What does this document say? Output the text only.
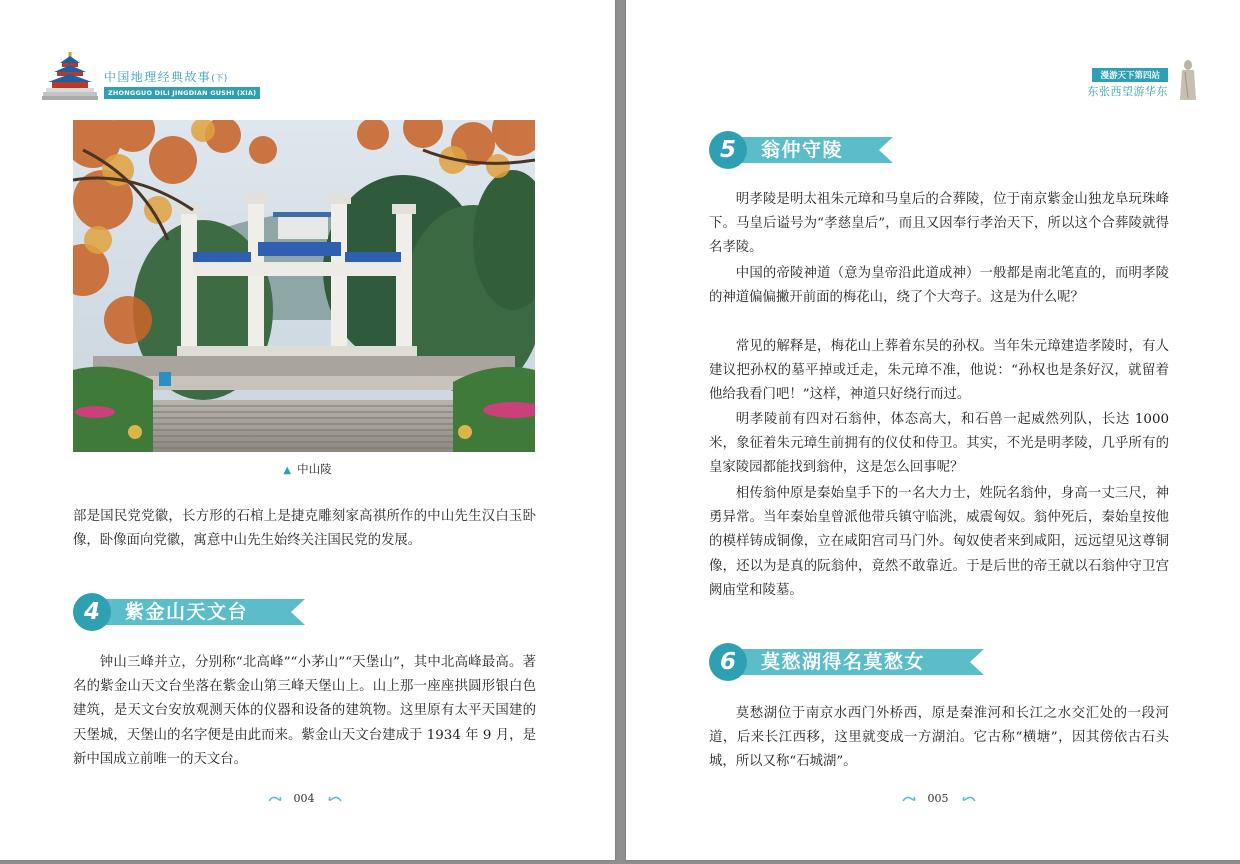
中国地理经典故事(下)
ZHONGGUO DILI JINGDIAN GUSHI (XIA)
▲ 中山陵

部是国民党党徽，长方形的石棺上是捷克雕刻家高祺所作的中山先生汉白玉卧像，卧像面向党徽，寓意中山先生始终关注国民党的发展。

4	紫金山天文台

钟山三峰并立，分别称“北高峰”“小茅山”“天堡山”，其中北高峰最高。著名的紫金山天文台坐落在紫金山第三峰天堡山上。山上那一座座拱圆形银白色建筑，是天文台安放观测天体的仪器和设备的建筑物。这里原有太平天国建的天堡城，天堡山的名字便是由此而来。紫金山天文台建成于 1934 年 9 月，是新中国成立前唯一的天文台。

004
漫游天下第四站
东张西望游华东
5	翁仲守陵

明孝陵是明太祖朱元璋和马皇后的合葬陵，位于南京紫金山独龙阜玩珠峰下。马皇后谥号为“孝慈皇后”，而且又因奉行孝治天下，所以这个合葬陵就得名孝陵。

中国的帝陵神道（意为皇帝沿此道成神）一般都是南北笔直的，而明孝陵的神道偏偏撇开前面的梅花山，绕了个大弯子。这是为什么呢？

常见的解释是，梅花山上葬着东吴的孙权。当年朱元璋建造孝陵时，有人建议把孙权的墓平掉或迁走，朱元璋不准，他说：“孙权也是条好汉，就留着他给我看门吧！”这样，神道只好绕行而过。

明孝陵前有四对石翁仲，体态高大，和石兽一起威然列队，长达 1000 米，象征着朱元璋生前拥有的仪仗和侍卫。其实，不光是明孝陵，几乎所有的皇家陵园都能找到翁仲，这是怎么回事呢？

相传翁仲原是秦始皇手下的一名大力士，姓阮名翁仲，身高一丈三尺，神勇异常。当年秦始皇曾派他带兵镇守临洮，威震匈奴。翁仲死后，秦始皇按他的模样铸成铜像，立在咸阳宫司马门外。匈奴使者来到咸阳，远远望见这尊铜像，还以为是真的阮翁仲，竟然不敢靠近。于是后世的帝王就以石翁仲守卫宫阙庙堂和陵墓。

6	莫愁湖得名莫愁女

莫愁湖位于南京水西门外桥西，原是秦淮河和长江之水交汇处的一段河道，后来长江西移，这里就变成一方湖泊。它古称“横塘”，因其傍依古石头城，所以又称“石城湖”。

005
